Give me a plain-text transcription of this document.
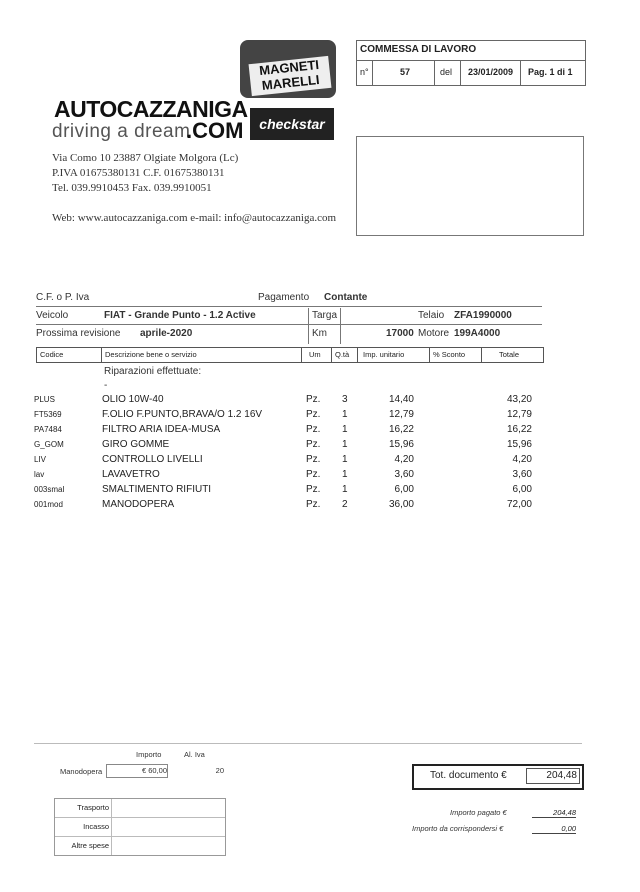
MAGNETI MARELLI
checkstar
AUTOCAZZANIGA
driving a dream
.COM
Via Como 10 23887 Olgiate Molgora (Lc)
P.IVA 01675380131 C.F. 01675380131
Tel. 039.9910453 Fax. 039.9910051
Web: www.autocazzaniga.com e-mail: info@autocazzaniga.com
COMMESSA DI LAVORO
n°	57	del 23/01/2009 Pag. 1 di 1
C.F. o P. Iva	Pagamento Contante
Veicolo	FIAT - Grande Punto - 1.2 Active	Targa	Telaio ZFA1990000
Prossima revisione aprile-2020	Km	17000 Motore 199A4000
Codice	Descrizione bene o servizio	Um Q.tà Imp. unitario	% Sconto	Totale
Riparazioni effettuate:
-
PLUS	OLIO 10W-40	Pz. 3	14,40	43,20
FT5369	F.OLIO F.PUNTO,BRAVA/O 1.2 16V	Pz. 1	12,79	12,79
PA7484	FILTRO ARIA IDEA-MUSA	Pz. 1	16,22	16,22
G_GOM	GIRO GOMME	Pz. 1	15,96	15,96
LIV	CONTROLLO LIVELLI	Pz. 1	4,20	4,20
lav	LAVAVETRO	Pz. 1	3,60	3,60
003smal	SMALTIMENTO RIFIUTI	Pz. 1	6,00	6,00
001mod	MANODOPERA	Pz. 2	36,00	72,00
Importo	Al. Iva
Manodopera	€ 60,00	20	Tot. documento €	204,48
Trasporto
Incasso
Altre spese
Importo pagato €	204,48
Importo da corrispondersi €	0,00
